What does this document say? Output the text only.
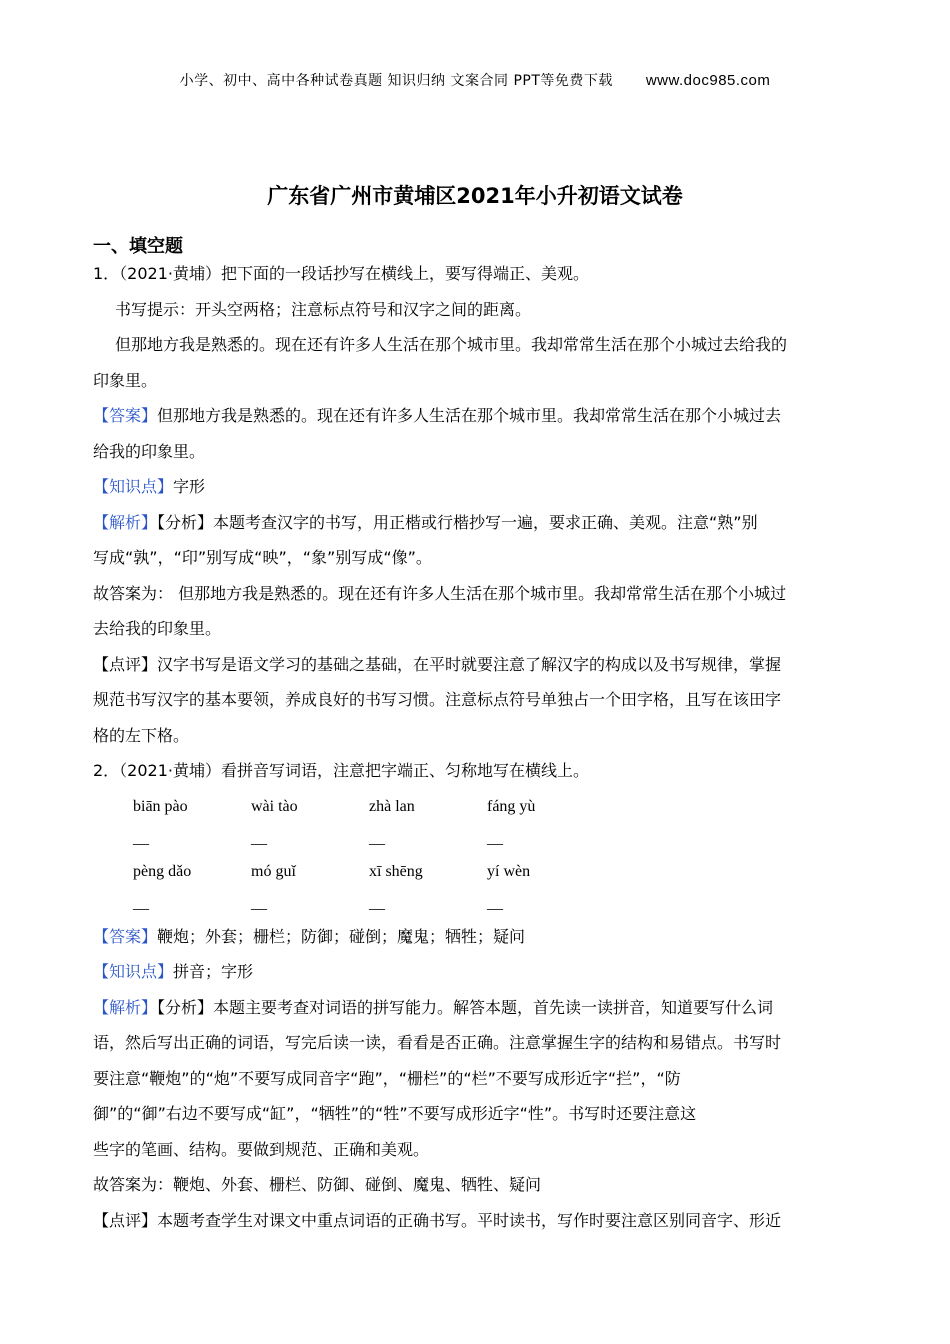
小学、初中、高中各种试卷真题 知识归纳 文案合同 PPT等免费下载 www.doc985.com
广东省广州市黄埔区2021年小升初语文试卷
一、填空题

1．（2021·黄埔）把下面的一段话抄写在横线上，要写得端正、美观。

书写提示：开头空两格；注意标点符号和汉字之间的距离。

但那地方我是熟悉的。现在还有许多人生活在那个城市里。我却常常生活在那个小城过去给我的

印象里。

【答案】但那地方我是熟悉的。现在还有许多人生活在那个城市里。我却常常生活在那个小城过去

给我的印象里。

【知识点】字形

【解析】【分析】本题考查汉字的书写，用正楷或行楷抄写一遍，要求正确、美观。注意“熟”别

写成“孰”，“印”别写成“映”，“象”别写成“像”。

故答案为： 但那地方我是熟悉的。现在还有许多人生活在那个城市里。我却常常生活在那个小城过

去给我的印象里。

【点评】汉字书写是语文学习的基础之基础，在平时就要注意了解汉字的构成以及书写规律，掌握

规范书写汉字的基本要领，养成良好的书写习惯。注意标点符号单独占一个田字格，且写在该田字

格的左下格。

2．（2021·黄埔）看拼音写词语，注意把字端正、匀称地写在横线上。

biān pào	wài tào	zhà lan	fáng yù
__	__	__	__
pèng dǎo	mó guǐ	xī shēng	yí wèn
__	__	__	__

【答案】鞭炮；外套；栅栏；防御；碰倒；魔鬼；牺牲；疑问

【知识点】拼音；字形

【解析】【分析】本题主要考查对词语的拼写能力。解答本题，首先读一读拼音，知道要写什么词

语，然后写出正确的词语，写完后读一读，看看是否正确。注意掌握生字的结构和易错点。书写时

要注意“鞭炮”的“炮”不要写成同音字“跑”，“栅栏”的“栏”不要写成形近字“拦”，“防

御”的“御”右边不要写成“缸”，“牺牲”的“牲”不要写成形近字“性”。书写时还要注意这

些字的笔画、结构。要做到规范、正确和美观。

故答案为：鞭炮、外套、栅栏、防御、碰倒、魔鬼、牺牲、疑问

【点评】本题考查学生对课文中重点词语的正确书写。平时读书，写作时要注意区别同音字、形近
